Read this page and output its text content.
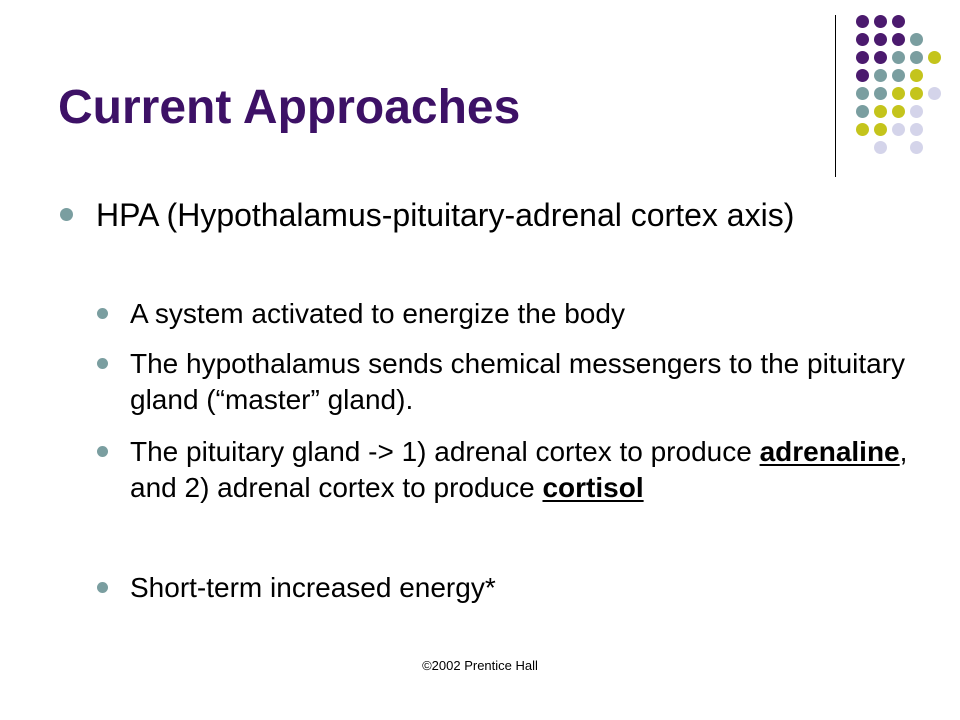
Current Approaches
HPA (Hypothalamus-pituitary-adrenal cortex axis)
A system activated to energize the body
The hypothalamus sends chemical messengers to the pituitary gland (“master” gland).
The pituitary gland -> 1) adrenal cortex to produce adrenaline, and 2) adrenal cortex to produce cortisol
Short-term increased energy*
©2002 Prentice Hall
